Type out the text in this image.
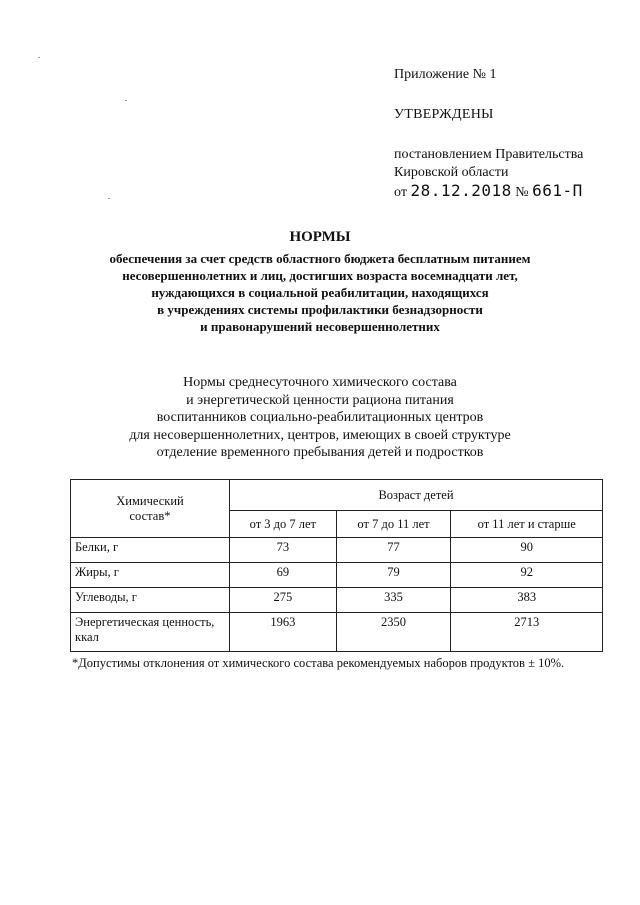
Приложение № 1
УТВЕРЖДЕНЫ
постановлением Правительства
Кировской области
от 28.12.2018 № 661-П
НОРМЫ
обеспечения за счет средств областного бюджета бесплатным питанием
несовершеннолетних и лиц, достигших возраста восемнадцати лет,
нуждающихся в социальной реабилитации, находящихся
в учреждениях системы профилактики безнадзорности
и правонарушений несовершеннолетних
Нормы среднесуточного химического состава
и энергетической ценности рациона питания
воспитанников социально-реабилитационных центров
для несовершеннолетних, центров, имеющих в своей структуре
отделение временного пребывания детей и подростков
Химический
состав*	Возраст детей		
	от 3 до 7 лет	от 7 до 11 лет	от 11 лет и старше
Белки, г	73	77	90
Жиры, г	69	79	92
Углеводы, г	275	335	383
Энергетическая ценность,
ккал	1963	2350	2713
*Допустимы отклонения от химического состава рекомендуемых наборов продуктов ± 10%.
